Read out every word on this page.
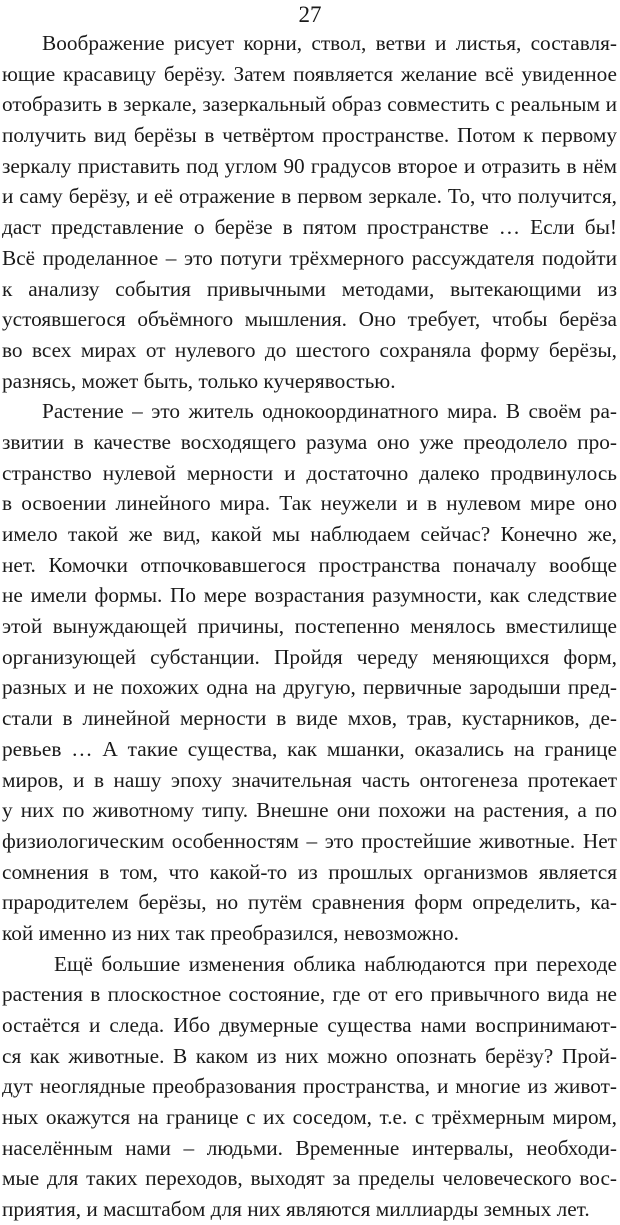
27
Воображение рисует корни, ствол, ветви и листья, составля-
ющие красавицу берёзу. Затем появляется желание всё увиденное
отобразить в зеркале, зазеркальный образ совместить с реальным и
получить вид берёзы в четвёртом пространстве. Потом к первому
зеркалу приставить под углом 90 градусов второе и отразить в нём
и саму берёзу, и её отражение в первом зеркале. То, что получится,
даст представление о берёзе в пятом пространстве … Если бы!
Всё проделанное – это потуги трёхмерного рассуждателя подойти
к анализу события привычными методами, вытекающими из
устоявшегося объёмного мышления. Оно требует, чтобы берёза
во всех мирах от нулевого до шестого сохраняла форму берёзы,
разнясь, может быть, только кучерявостью.
Растение – это житель однокоординатного мира. В своём ра-
звитии в качестве восходящего разума оно уже преодолело про-
странство нулевой мерности и достаточно далеко продвинулось
в освоении линейного мира. Так неужели и в нулевом мире оно
имело такой же вид, какой мы наблюдаем сейчас? Конечно же,
нет. Комочки отпочковавшегося пространства поначалу вообще
не имели формы. По мере возрастания разумности, как следствие
этой вынуждающей причины, постепенно менялось вместилище
организующей субстанции. Пройдя череду меняющихся форм,
разных и не похожих одна на другую, первичные зародыши пред-
стали в линейной мерности в виде мхов, трав, кустарников, де-
ревьев … А такие существа, как мшанки, оказались на границе
миров, и в нашу эпоху значительная часть онтогенеза протекает
у них по животному типу. Внешне они похожи на растения, а по
физиологическим особенностям – это простейшие животные. Нет
сомнения в том, что какой-то из прошлых организмов является
прародителем берёзы, но путём сравнения форм определить, ка-
кой именно из них так преобразился, невозможно.
Ещё большие изменения облика наблюдаются при переходе
растения в плоскостное состояние, где от его привычного вида не
остаётся и следа. Ибо двумерные существа нами воспринимают-
ся как животные. В каком из них можно опознать берёзу? Прой-
дут неоглядные преобразования пространства, и многие из живот-
ных окажутся на границе с их соседом, т.е. с трёхмерным миром,
населённым нами – людьми. Временные интервалы, необходи-
мые для таких переходов, выходят за пределы человеческого вос-
приятия, и масштабом для них являются миллиарды земных лет.
